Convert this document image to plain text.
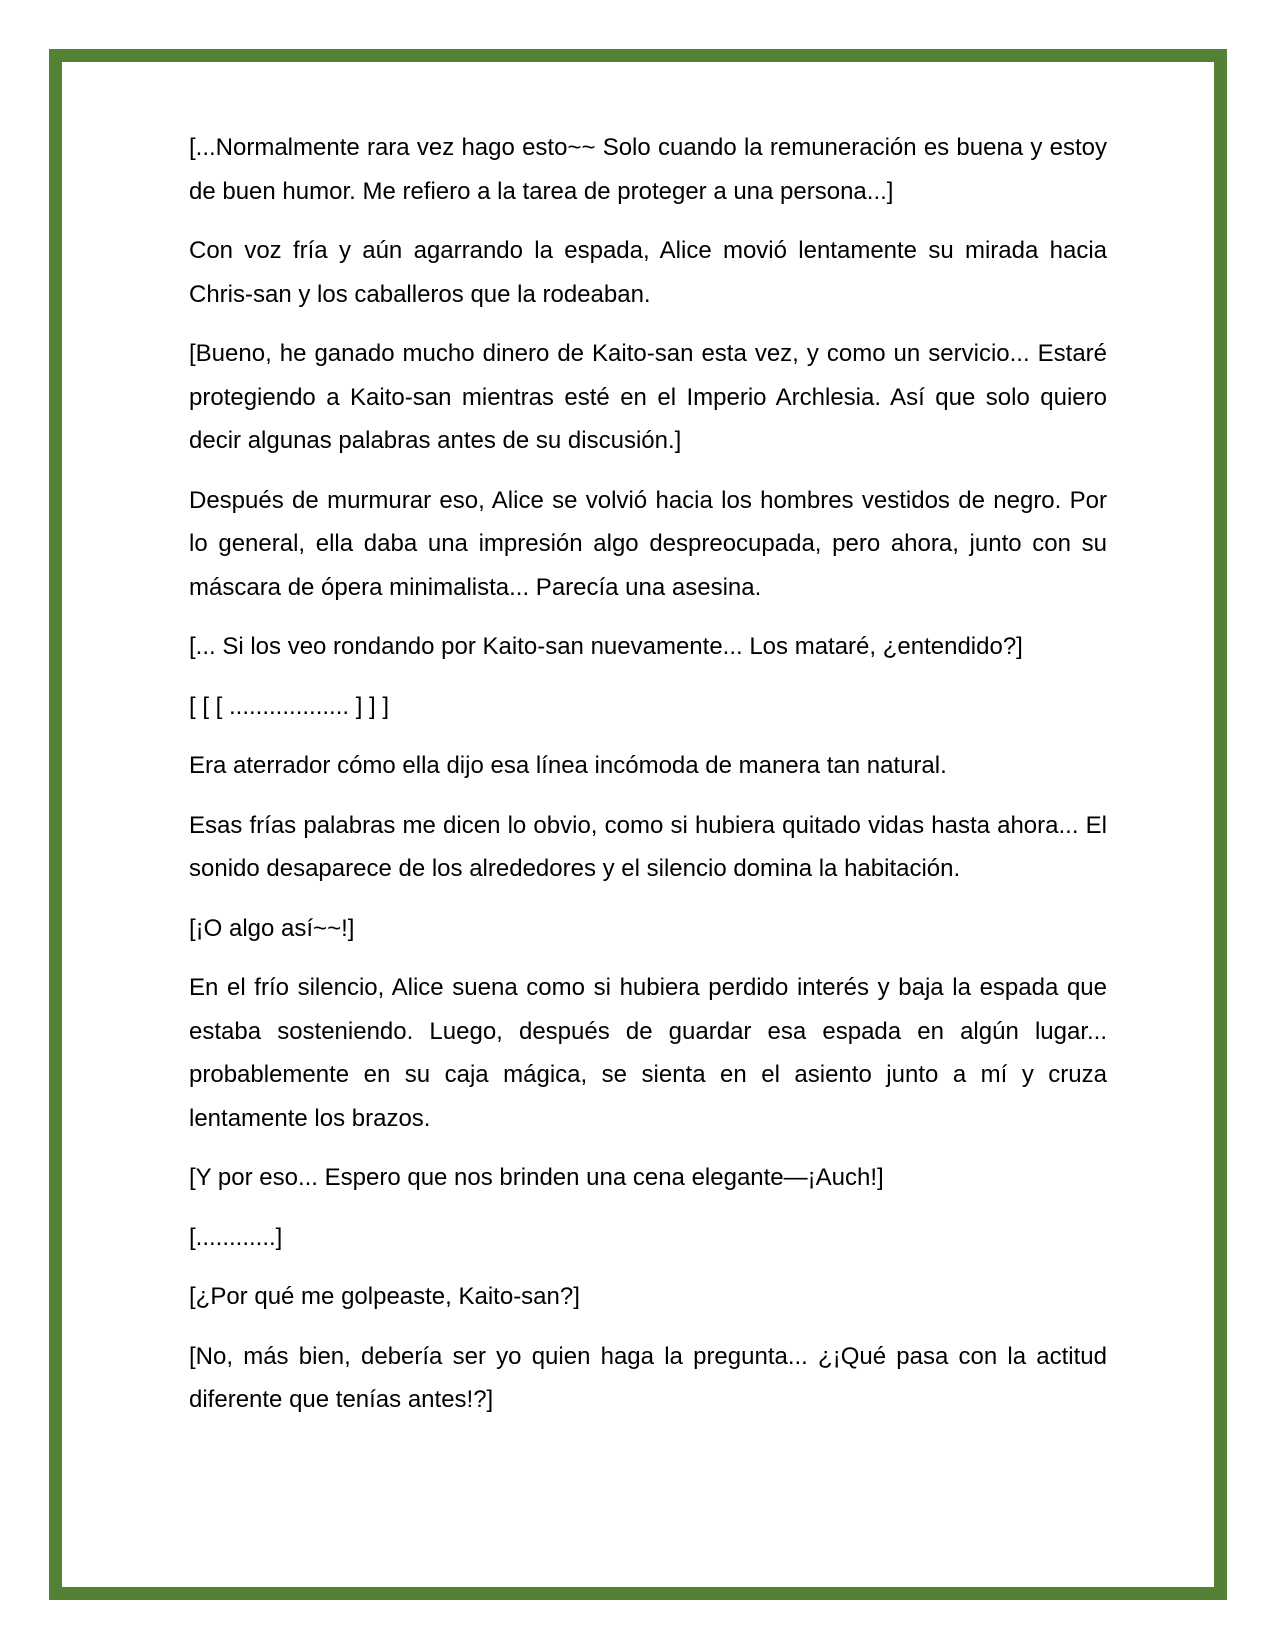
[...Normalmente rara vez hago esto~~ Solo cuando la remuneración es buena y estoy de buen humor. Me refiero a la tarea de proteger a una persona...]

Con voz fría y aún agarrando la espada, Alice movió lentamente su mirada hacia Chris-san y los caballeros que la rodeaban.

[Bueno, he ganado mucho dinero de Kaito-san esta vez, y como un servicio... Estaré protegiendo a Kaito-san mientras esté en el Imperio Archlesia. Así que solo quiero decir algunas palabras antes de su discusión.]

Después de murmurar eso, Alice se volvió hacia los hombres vestidos de negro. Por lo general, ella daba una impresión algo despreocupada, pero ahora, junto con su máscara de ópera minimalista... Parecía una asesina.

[... Si los veo rondando por Kaito-san nuevamente... Los mataré, ¿entendido?]

[ [ [ .................. ] ] ]

Era aterrador cómo ella dijo esa línea incómoda de manera tan natural.

Esas frías palabras me dicen lo obvio, como si hubiera quitado vidas hasta ahora... El sonido desaparece de los alrededores y el silencio domina la habitación.

[¡O algo así~~!]

En el frío silencio, Alice suena como si hubiera perdido interés y baja la espada que estaba sosteniendo. Luego, después de guardar esa espada en algún lugar... probablemente en su caja mágica, se sienta en el asiento junto a mí y cruza lentamente los brazos.

[Y por eso... Espero que nos brinden una cena elegante—¡Auch!]

[............]

[¿Por qué me golpeaste, Kaito-san?]

[No, más bien, debería ser yo quien haga la pregunta... ¿¡Qué pasa con la actitud diferente que tenías antes!?]
